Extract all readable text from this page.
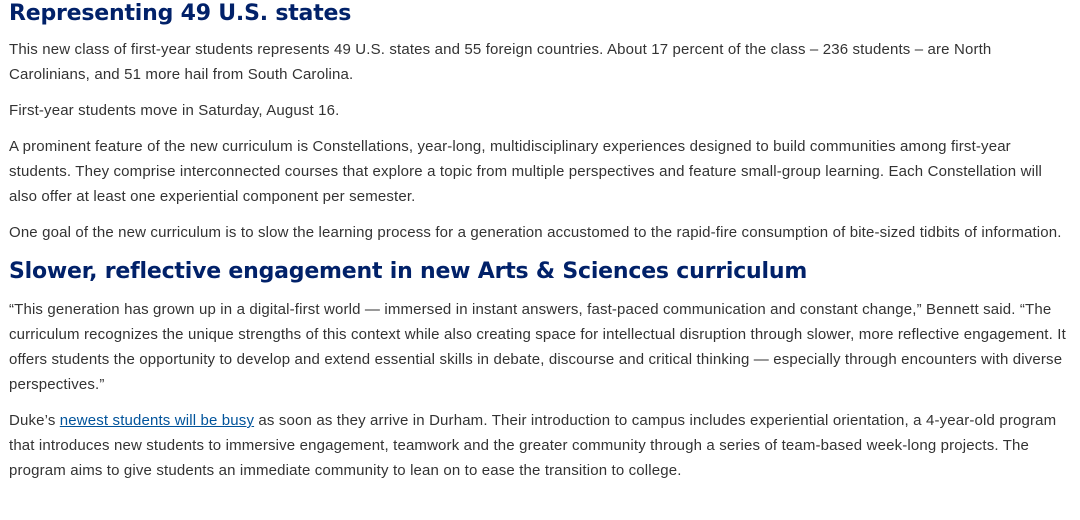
Representing 49 U.S. states

This new class of first-year students represents 49 U.S. states and 55 foreign countries. About 17 percent of the class – 236 students – are North Carolinians, and 51 more hail from South Carolina.

First-year students move in Saturday, August 16.

A prominent feature of the new curriculum is Constellations, year-long, multidisciplinary experiences designed to build communities among first-year students. They comprise interconnected courses that explore a topic from multiple perspectives and feature small-group learning. Each Constellation will also offer at least one experiential component per semester.

One goal of the new curriculum is to slow the learning process for a generation accustomed to the rapid-fire consumption of bite-sized tidbits of information.

Slower, reflective engagement in new Arts & Sciences curriculum

“This generation has grown up in a digital-first world — immersed in instant answers, fast-paced communication and constant change,” Bennett said. “The curriculum recognizes the unique strengths of this context while also creating space for intellectual disruption through slower, more reflective engagement. It offers students the opportunity to develop and extend essential skills in debate, discourse and critical thinking — especially through encounters with diverse perspectives.”

Duke’s newest students will be busy as soon as they arrive in Durham. Their introduction to campus includes experiential orientation, a 4-year-old program that introduces new students to immersive engagement, teamwork and the greater community through a series of team-based week-long projects. The program aims to give students an immediate community to lean on to ease the transition to college.
